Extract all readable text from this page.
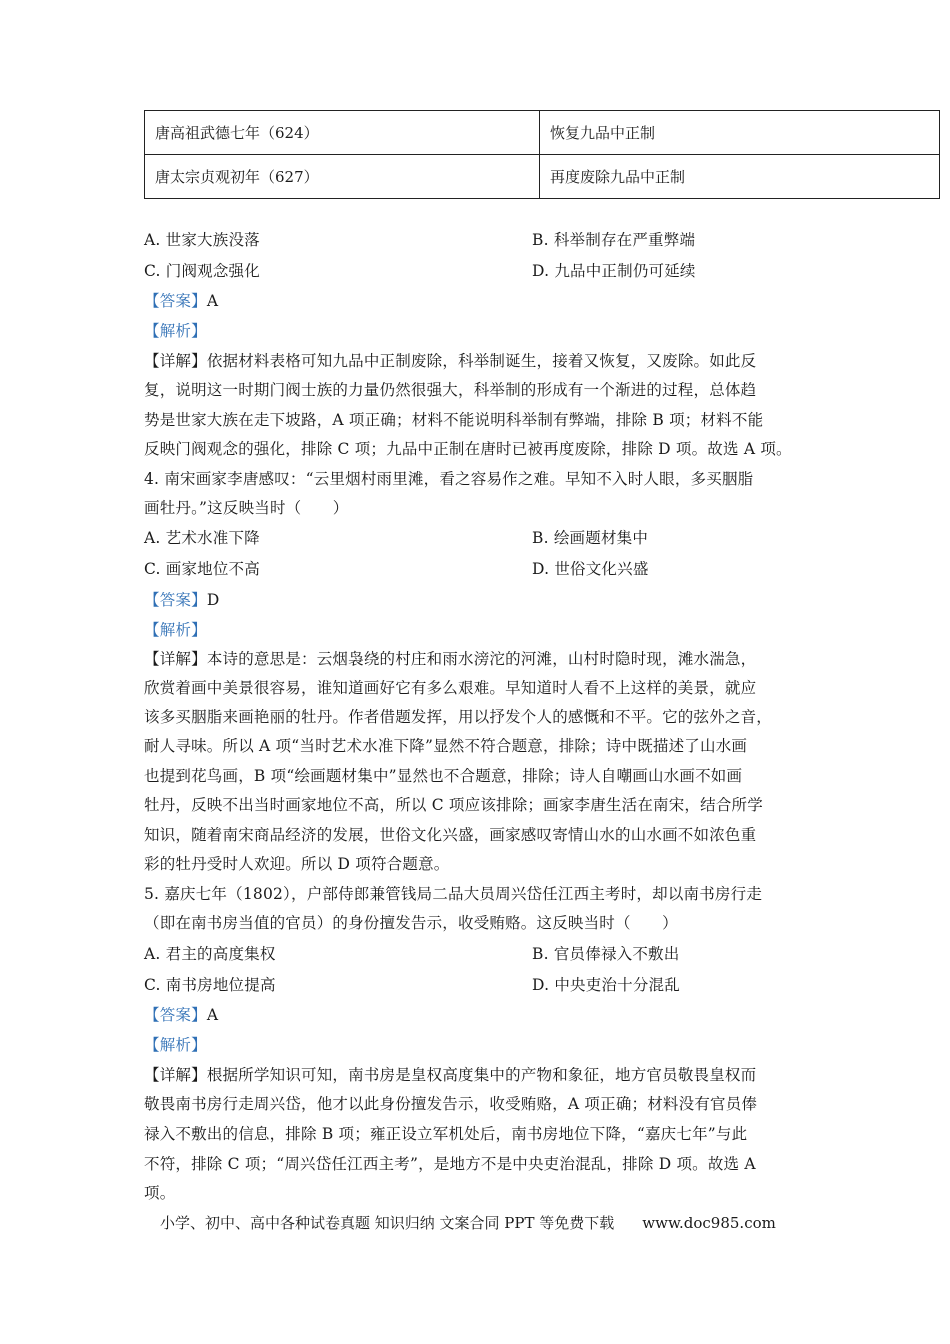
唐高祖武德七年（624）	恢复九品中正制
唐太宗贞观初年（627）	再度废除九品中正制
A. 世家大族没落	B. 科举制存在严重弊端
C. 门阀观念强化	D. 九品中正制仍可延续
【答案】A
【解析】
【详解】依据材料表格可知九品中正制废除，科举制诞生，接着又恢复，又废除。如此反
复，说明这一时期门阀士族的力量仍然很强大，科举制的形成有一个渐进的过程，总体趋
势是世家大族在走下坡路，A 项正确；材料不能说明科举制有弊端，排除 B 项；材料不能
反映门阀观念的强化，排除 C 项；九品中正制在唐时已被再度废除，排除 D 项。故选 A 项。
4. 南宋画家李唐感叹：“云里烟村雨里滩，看之容易作之难。早知不入时人眼，多买胭脂
画牡丹。”这反映当时（　　）
A. 艺术水准下降	B. 绘画题材集中
C. 画家地位不高	D. 世俗文化兴盛
【答案】D
【解析】
【详解】本诗的意思是：云烟袅绕的村庄和雨水滂沱的河滩，山村时隐时现，滩水湍急，
欣赏着画中美景很容易，谁知道画好它有多么艰难。早知道时人看不上这样的美景，就应
该多买胭脂来画艳丽的牡丹。作者借题发挥，用以抒发个人的感慨和不平。它的弦外之音，
耐人寻味。所以 A 项“当时艺术水准下降”显然不符合题意，排除；诗中既描述了山水画
也提到花鸟画，B 项“绘画题材集中”显然也不合题意，排除；诗人自嘲画山水画不如画
牡丹，反映不出当时画家地位不高，所以 C 项应该排除；画家李唐生活在南宋，结合所学
知识，随着南宋商品经济的发展，世俗文化兴盛，画家感叹寄情山水的山水画不如浓色重
彩的牡丹受时人欢迎。所以 D 项符合题意。
5. 嘉庆七年（1802），户部侍郎兼管钱局二品大员周兴岱任江西主考时，却以南书房行走
（即在南书房当值的官员）的身份擅发告示，收受贿赂。这反映当时（　　）
A. 君主的高度集权	B. 官员俸禄入不敷出
C. 南书房地位提高	D. 中央吏治十分混乱
【答案】A
【解析】
【详解】根据所学知识可知，南书房是皇权高度集中的产物和象征，地方官员敬畏皇权而
敬畏南书房行走周兴岱，他才以此身份擅发告示，收受贿赂，A 项正确；材料没有官员俸
禄入不敷出的信息，排除 B 项；雍正设立军机处后，南书房地位下降，“嘉庆七年”与此
不符，排除 C 项；“周兴岱任江西主考”，是地方不是中央吏治混乱，排除 D 项。故选 A
项。
小学、初中、高中各种试卷真题 知识归纳 文案合同 PPT 等免费下载 www.doc985.com
